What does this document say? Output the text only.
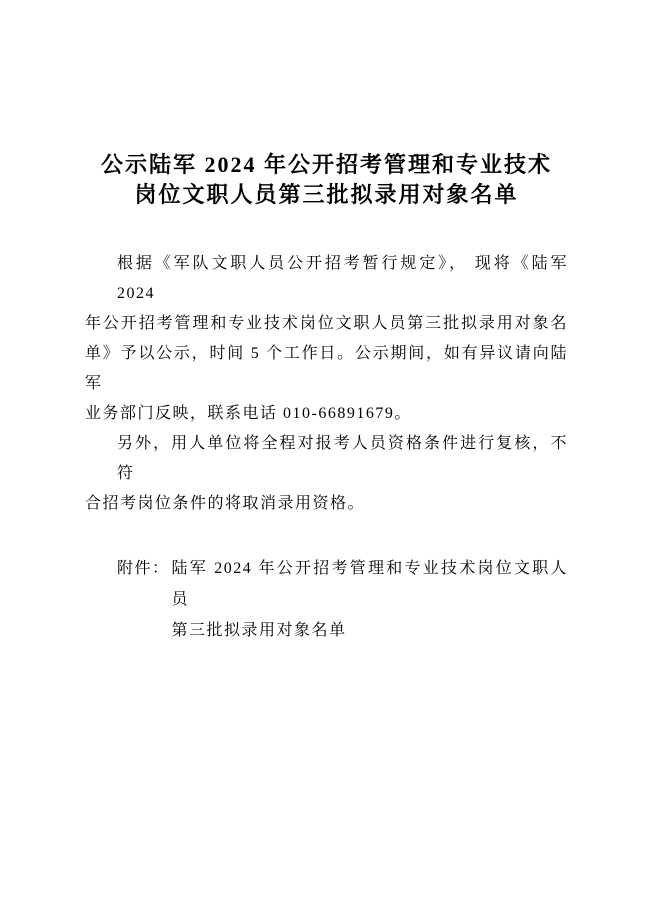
公示陆军 2024 年公开招考管理和专业技术
岗位文职人员第三批拟录用对象名单
根据《军队文职人员公开招考暂行规定》， 现将《陆军 2024
年公开招考管理和专业技术岗位文职人员第三批拟录用对象名
单》予以公示，时间 5 个工作日。公示期间，如有异议请向陆军
业务部门反映，联系电话 010-66891679。
另外，用人单位将全程对报考人员资格条件进行复核，不符
合招考岗位条件的将取消录用资格。
附件： 陆军 2024 年公开招考管理和专业技术岗位文职人员
第三批拟录用对象名单
